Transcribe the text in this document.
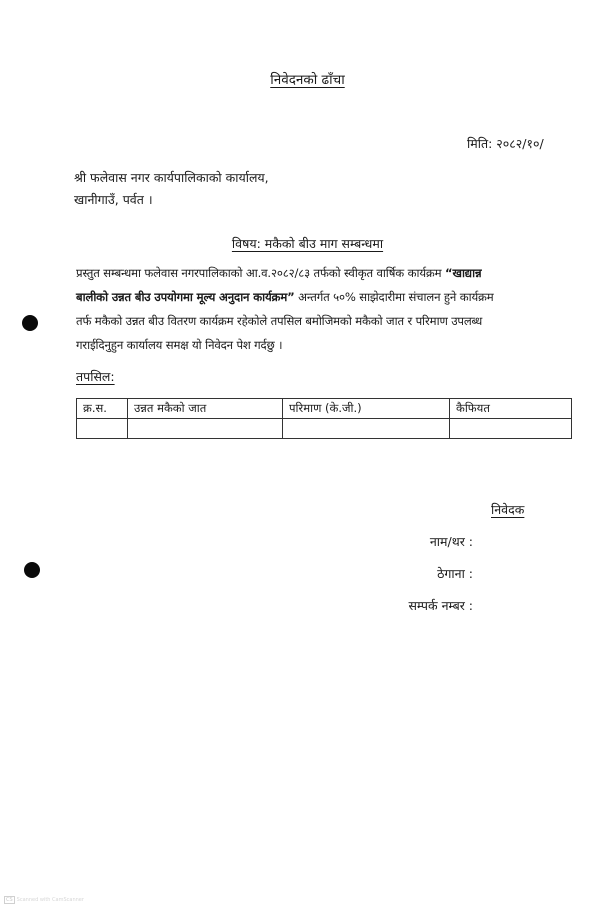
निवेदनको ढाँचा
मिति: २०८२/१०/
श्री फलेवास नगर कार्यपालिकाको कार्यालय,
खानीगाउँ, पर्वत ।
विषय: मकैको बीउ माग सम्बन्धमा
प्रस्तुत सम्बन्धमा फलेवास नगरपालिकाको आ.व.२०८२/८३ तर्फको स्वीकृत वार्षिक कार्यक्रम “खाद्यान्न
बालीको उन्नत बीउ उपयोगमा मूल्य अनुदान कार्यक्रम” अन्तर्गत ५०% साझेदारीमा संचालन हुने कार्यक्रम
तर्फ मकैको उन्नत बीउ वितरण कार्यक्रम रहेकोले तपसिल बमोजिमको मकैको जात र परिमाण उपलब्ध
गराईदिनुहुन कार्यालय समक्ष यो निवेदन पेश गर्दछु ।
तपसिल:
क्र.स.	उन्नत मकैको जात	परिमाण (के.जी.)	कैफियत

निवेदक
नाम/थर :
ठेगाना :
सम्पर्क नम्बर :
CS Scanned with CamScanner
